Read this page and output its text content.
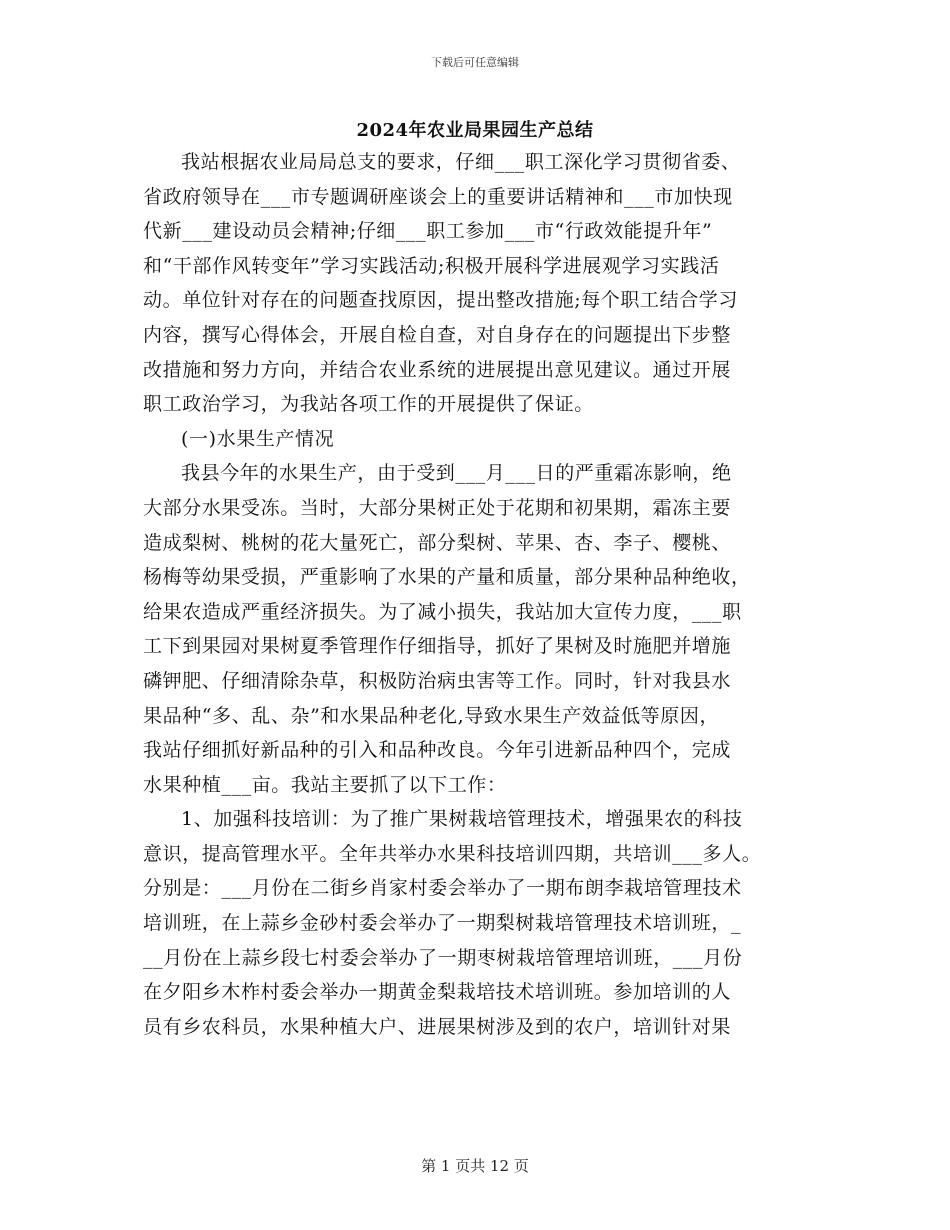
下载后可任意编辑
2024年农业局果园生产总结
我站根据农业局局总支的要求，仔细___职工深化学习贯彻省委、
省政府领导在___市专题调研座谈会上的重要讲话精神和___市加快现
代新___建设动员会精神;仔细___职工参加___市“行政效能提升年”
和“干部作风转变年”学习实践活动;积极开展科学进展观学习实践活
动。单位针对存在的问题查找原因，提出整改措施;每个职工结合学习
内容，撰写心得体会，开展自检自查，对自身存在的问题提出下步整
改措施和努力方向，并结合农业系统的进展提出意见建议。通过开展
职工政治学习，为我站各项工作的开展提供了保证。
(一)水果生产情况
我县今年的水果生产，由于受到___月___日的严重霜冻影响，绝
大部分水果受冻。当时，大部分果树正处于花期和初果期，霜冻主要
造成梨树、桃树的花大量死亡，部分梨树、苹果、杏、李子、樱桃、
杨梅等幼果受损，严重影响了水果的产量和质量，部分果种品种绝收，
给果农造成严重经济损失。为了减小损失，我站加大宣传力度，___职
工下到果园对果树夏季管理作仔细指导，抓好了果树及时施肥并增施
磷钾肥、仔细清除杂草，积极防治病虫害等工作。同时，针对我县水
果品种“多、乱、杂”和水果品种老化,导致水果生产效益低等原因，
我站仔细抓好新品种的引入和品种改良。今年引进新品种四个，完成
水果种植___亩。我站主要抓了以下工作：
1、加强科技培训：为了推广果树栽培管理技术，增强果农的科技
意识，提高管理水平。全年共举办水果科技培训四期，共培训___多人。
分别是：___月份在二街乡肖家村委会举办了一期布朗李栽培管理技术
培训班，在上蒜乡金砂村委会举办了一期梨树栽培管理技术培训班，_
__月份在上蒜乡段七村委会举办了一期枣树栽培管理培训班，___月份
在夕阳乡木柞村委会举办一期黄金梨栽培技术培训班。参加培训的人
员有乡农科员，水果种植大户、进展果树涉及到的农户，培训针对果
第 1 页共 12 页
